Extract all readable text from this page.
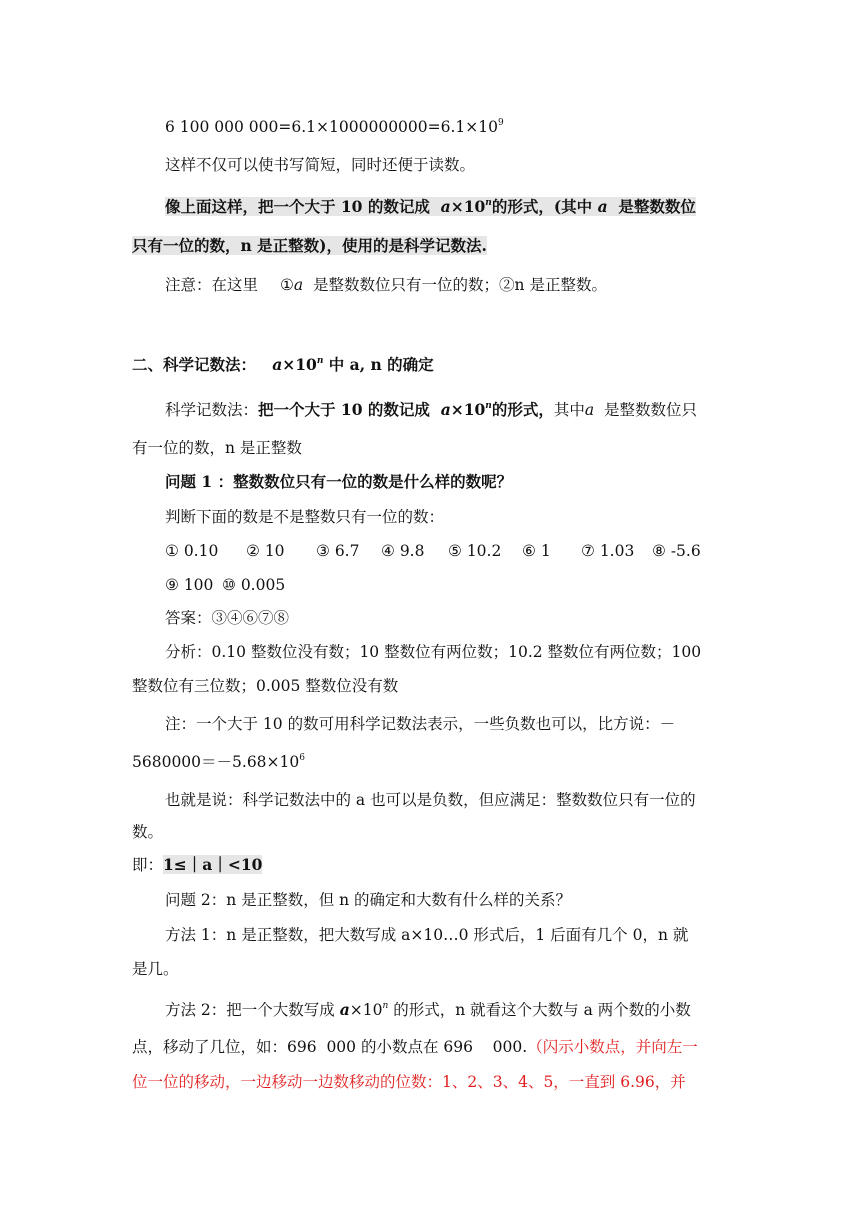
6 100 000 $000=6.1\times 1000000000=6.1\times 10^9$
这样不仅可以使书写简短，同时还便于读数。
像上面这样，把一个大于 10 的数记成 $a\times 10^n$的形式，(其中 a 是整数数位
只有一位的数，n 是正整数)，使用的是科学记数法.
注意：在这里 ①a 是整数数位只有一位的数；②n 是正整数。
二、科学记数法： $a\times 10^n$ 中 a, n 的确定
科学记数法：把一个大于 10 的数记成 $a\times 10^n$的形式，其中a 是整数数位只
有一位的数，n 是正整数
问题 1 ：整数数位只有一位的数是什么样的数呢？
判断下面的数是不是整数只有一位的数：
① 0.10 ② 10 ③ 6.7 ④ 9.8 ⑤ 10.2 ⑥ 1 ⑦ 1.03 ⑧ -5.6
⑨ 100 ⑩ 0.005
答案：③④⑥⑦⑧
分析：0.10 整数位没有数；10 整数位有两位数；10.2 整数位有两位数；100
整数位有三位数；0.005 整数位没有数
注：一个大于 10 的数可用科学记数法表示，一些负数也可以，比方说：－
$5680000=-5.68\times 10^6$
也就是说：科学记数法中的 a 也可以是负数，但应满足：整数数位只有一位的
数。
即：1≤｜a｜<10
问题 2：n 是正整数，但 n 的确定和大数有什么样的关系？
方法 1：n 是正整数，把大数写成 a×10…0 形式后，1 后面有几个 0，n 就
是几。
方法 2：把一个大数写成 $a\times 10^n$ 的形式，n 就看这个大数与 a 两个数的小数
点，移动了几位，如：696  000 的小数点在 696    000.（闪示小数点，并向左一
位一位的移动，一边移动一边数移动的位数：1、2、3、4、5，一直到 6.96，并
